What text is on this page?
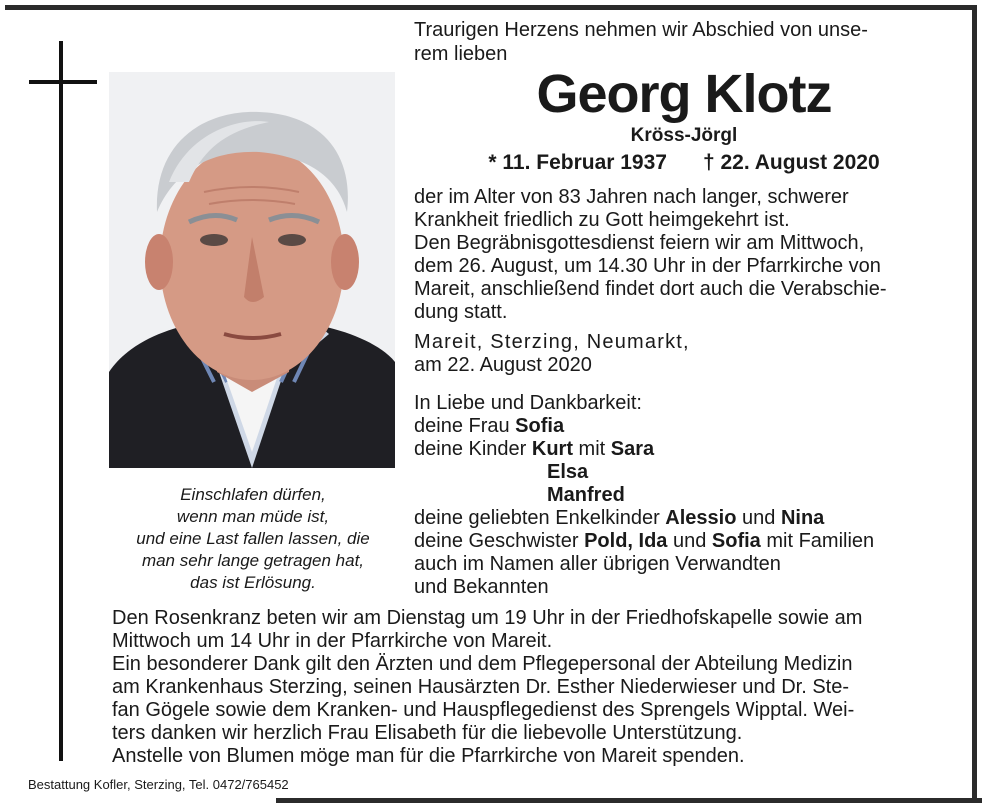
Einschlafen dürfen,
wenn man müde ist,
und eine Last fallen lassen, die
man sehr lange getragen hat,
das ist Erlösung.
Traurigen Herzens nehmen wir Abschied von unse-
rem lieben
Georg Klotz
Kröss-Jörgl
* 11. Februar 1937 † 22. August 2020
der im Alter von 83 Jahren nach langer, schwerer
Krankheit friedlich zu Gott heimgekehrt ist.
Den Begräbnisgottesdienst feiern wir am Mittwoch,
dem 26. August, um 14.30 Uhr in der Pfarrkirche von
Mareit, anschließend findet dort auch die Verabschie-
dung statt.
Mareit, Sterzing, Neumarkt,
am 22. August 2020
In Liebe und Dankbarkeit:
deine Frau Sofia
deine Kinder Kurt mit Sara
Elsa
Manfred
deine geliebten Enkelkinder Alessio und Nina
deine Geschwister Pold, Ida und Sofia mit Familien
auch im Namen aller übrigen Verwandten
und Bekannten
Den Rosenkranz beten wir am Dienstag um 19 Uhr in der Friedhofskapelle sowie am
Mittwoch um 14 Uhr in der Pfarrkirche von Mareit.
Ein besonderer Dank gilt den Ärzten und dem Pflegepersonal der Abteilung Medizin
am Krankenhaus Sterzing, seinen Hausärzten Dr. Esther Niederwieser und Dr. Ste-
fan Gögele sowie dem Kranken- und Hauspflegedienst des Sprengels Wipptal. Wei-
ters danken wir herzlich Frau Elisabeth für die liebevolle Unterstützung.
Anstelle von Blumen möge man für die Pfarrkirche von Mareit spenden.
Bestattung Kofler, Sterzing, Tel. 0472/765452
